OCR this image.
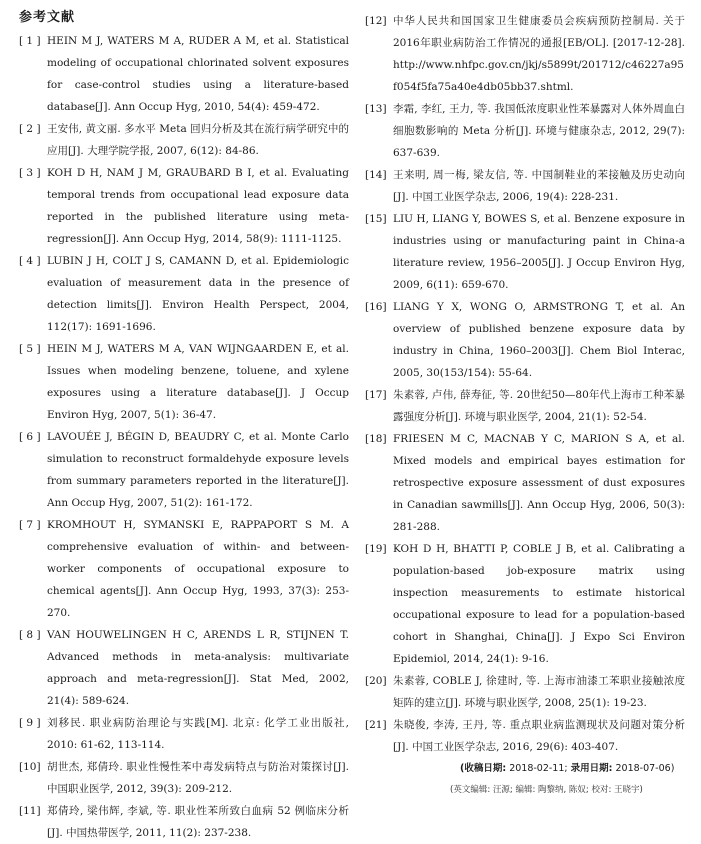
参考文献
[ 1 ] HEIN M J, WATERS M A, RUDER A M, et al. Statistical modeling of occupational chlorinated solvent exposures for case-control studies using a literature-based database[J]. Ann Occup Hyg, 2010, 54(4): 459-472.
[ 2 ] 王安伟, 黄文丽. 多水平 Meta 回归分析及其在流行病学研究中的应用[J]. 大理学院学报, 2007, 6(12): 84-86.
[ 3 ] KOH D H, NAM J M, GRAUBARD B I, et al. Evaluating temporal trends from occupational lead exposure data reported in the published literature using meta-regression[J]. Ann Occup Hyg, 2014, 58(9): 1111-1125.
[ 4 ] LUBIN J H, COLT J S, CAMANN D, et al. Epidemiologic evaluation of measurement data in the presence of detection limits[J]. Environ Health Perspect, 2004, 112(17): 1691-1696.
[ 5 ] HEIN M J, WATERS M A, VAN WIJNGAARDEN E, et al. Issues when modeling benzene, toluene, and xylene exposures using a literature database[J]. J Occup Environ Hyg, 2007, 5(1): 36-47.
[ 6 ] LAVOUÉE J, BÉGIN D, BEAUDRY C, et al. Monte Carlo simulation to reconstruct formaldehyde exposure levels from summary parameters reported in the literature[J]. Ann Occup Hyg, 2007, 51(2): 161-172.
[ 7 ] KROMHOUT H, SYMANSKI E, RAPPAPORT S M. A comprehensive evaluation of within- and between-worker components of occupational exposure to chemical agents[J]. Ann Occup Hyg, 1993, 37(3): 253-270.
[ 8 ] VAN HOUWELINGEN H C, ARENDS L R, STIJNEN T. Advanced methods in meta-analysis: multivariate approach and meta-regression[J]. Stat Med, 2002, 21(4): 589-624.
[ 9 ] 刘移民. 职业病防治理论与实践[M]. 北京: 化学工业出版社, 2010: 61-62, 113-114.
[10] 胡世杰, 郑倩玲. 职业性慢性苯中毒发病特点与防治对策探讨[J]. 中国职业医学, 2012, 39(3): 209-212.
[11] 郑倩玲, 梁伟辉, 李斌, 等. 职业性苯所致白血病 52 例临床分析[J]. 中国热带医学, 2011, 11(2): 237-238.
[12] 中华人民共和国国家卫生健康委员会疾病预防控制局. 关于2016年职业病防治工作情况的通报[EB/OL]. [2017-12-28]. http://www.nhfpc.gov.cn/jkj/s5899t/201712/c46227a95f054f5fa75a40e4db05bb37.shtml.
[13] 李霜, 李红, 王力, 等. 我国低浓度职业性苯暴露对人体外周血白细胞数影响的 Meta 分析[J]. 环境与健康杂志, 2012, 29(7): 637-639.
[14] 王来明, 周一梅, 梁友信, 等. 中国制鞋业的苯接触及历史动向[J]. 中国工业医学杂志, 2006, 19(4): 228-231.
[15] LIU H, LIANG Y, BOWES S, et al. Benzene exposure in industries using or manufacturing paint in China-a literature review, 1956–2005[J]. J Occup Environ Hyg, 2009, 6(11): 659-670.
[16] LIANG Y X, WONG O, ARMSTRONG T, et al. An overview of published benzene exposure data by industry in China, 1960–2003[J]. Chem Biol Interac, 2005, 30(153/154): 55-64.
[17] 朱素蓉, 卢伟, 薛寿征, 等. 20世纪50—80年代上海市工种苯暴露强度分析[J]. 环境与职业医学, 2004, 21(1): 52-54.
[18] FRIESEN M C, MACNAB Y C, MARION S A, et al. Mixed models and empirical bayes estimation for retrospective exposure assessment of dust exposures in Canadian sawmills[J]. Ann Occup Hyg, 2006, 50(3): 281-288.
[19] KOH D H, BHATTI P, COBLE J B, et al. Calibrating a population-based job-exposure matrix using inspection measurements to estimate historical occupational exposure to lead for a population-based cohort in Shanghai, China[J]. J Expo Sci Environ Epidemiol, 2014, 24(1): 9-16.
[20] 朱素蓉, COBLE J, 徐建时, 等. 上海市油漆工苯职业接触浓度矩阵的建立[J]. 环境与职业医学, 2008, 25(1): 19-23.
[21] 朱晓俊, 李涛, 王丹, 等. 重点职业病监测现状及问题对策分析[J]. 中国工业医学杂志, 2016, 29(6): 403-407.
(收稿日期: 2018-02-11; 录用日期: 2018-07-06)
(英文编辑: 汪源; 编辑: 陶黎纳, 陈奴; 校对: 王晓宇)
